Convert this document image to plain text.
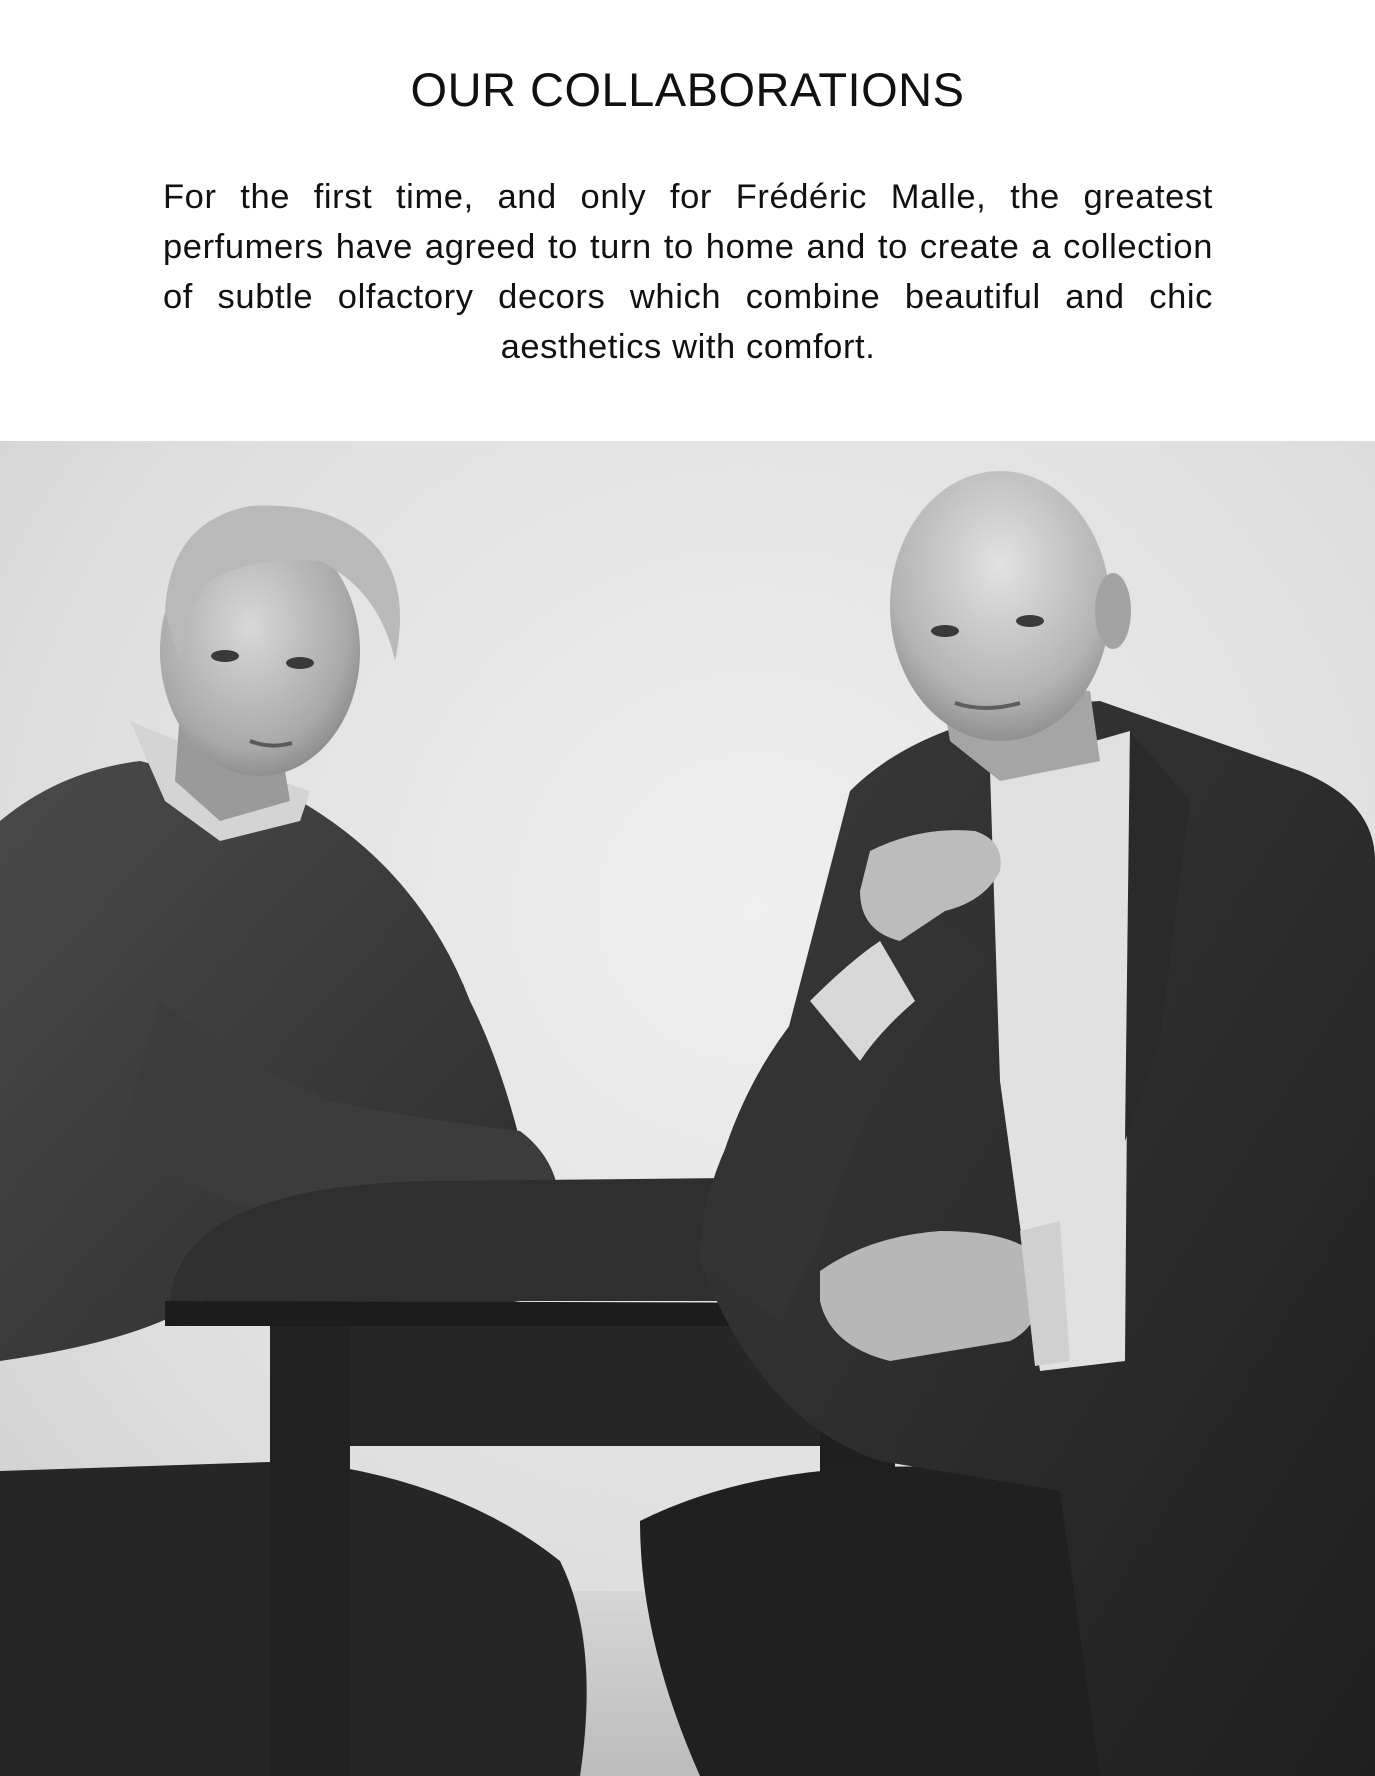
OUR COLLABORATIONS

For the first time, and only for Frédéric Malle, the greatest perfumers have agreed to turn to home and to create a collection of subtle olfactory decors which combine beautiful and chic aesthetics with comfort.
